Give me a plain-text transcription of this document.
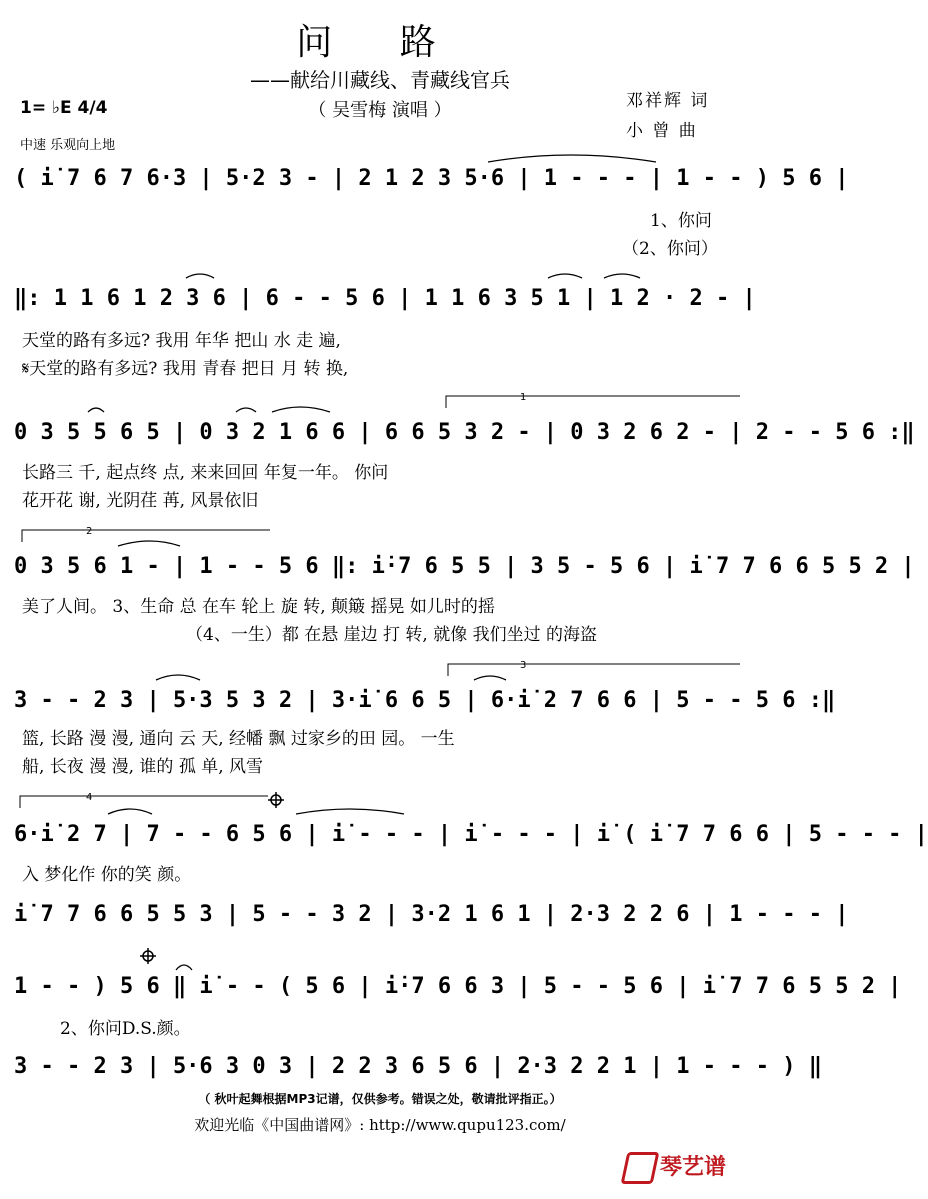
问 路
——献给川藏线、青藏线官兵
（ 吴雪梅 演唱 ）	邓祥辉 词
小 曾 曲
1= ♭E 4/4
中速 乐观向上地
( i̇ 7 6 7 6·3 | 5·2 3 - | 2 1 2 3 5·6 | 1 - - - | 1 - - ) 5 6 |
1、你问
（2、你问）
‖: 1 1 6 1 2 3 6 | 6 - - 5 6 | 1 1 6 3 5 1 | 1 2 · 2 - |
天堂的路有多远? 我用 年华 把山 水 走 遍,
𝄋天堂的路有多远? 我用 青春 把日 月 转 换,
0 3 5 5 6 5 | 0 3 2 1 6 6 | 6 6 5 3 2 - | 0 3 2 6 2 - | 2 - - 5 6 :‖
长路三 千, 起点终 点, 来来回回 年复一年。 你问
花开花 谢, 光阴荏 苒, 风景依旧
0 3 5 6 1 - | 1 - - 5 6 ‖: i̇·7 6 5 5 | 3 5 - 5 6 | i̇ 7 7 6 6 5 5 2 |
美了人间。 3、生命 总 在车 轮上 旋 转, 颠簸 摇晃 如儿时的摇
（4、一生）都 在悬 崖边 打 转, 就像 我们坐过 的海盗
3 - - 2 3 | 5·3 5 3 2 | 3·i̇ 6 6 5 | 6·i̇ 2 7 6 6 | 5 - - 5 6 :‖
篮, 长路 漫 漫, 通向 云 天, 经幡 飘 过家乡的田 园。 一生
船, 长夜 漫 漫, 谁的 孤 单, 风雪
6·i̇ 2 7 | 7 - - 6 5 6 | i̇ - - - | i̇ - - - | i̇ ( i̇ 7 7 6 6 | 5 - - - |
入 梦化作 你的笑 颜。
i̇ 7 7 6 6 5 5 3 | 5 - - 3 2 | 3·2 1 6 1 | 2·3 2 2 6 | 1 - - - |
1 - - ) 5 6 ‖ i̇ - - ( 5 6 | i̇·7 6 6 3 | 5 - - 5 6 | i̇ 7 7 6 5 5 2 |
2、你问D.S.颜。
3 - - 2 3 | 5·6 3 0 3 | 2 2 3 6 5 6 | 2·3 2 2 1 | 1 - - - ) ‖
（ 秋叶起舞根据MP3记谱，仅供参考。错误之处，敬请批评指正。）
欢迎光临《中国曲谱网》: http://www.qupu123.com/
琴艺谱
1
2
3
4
